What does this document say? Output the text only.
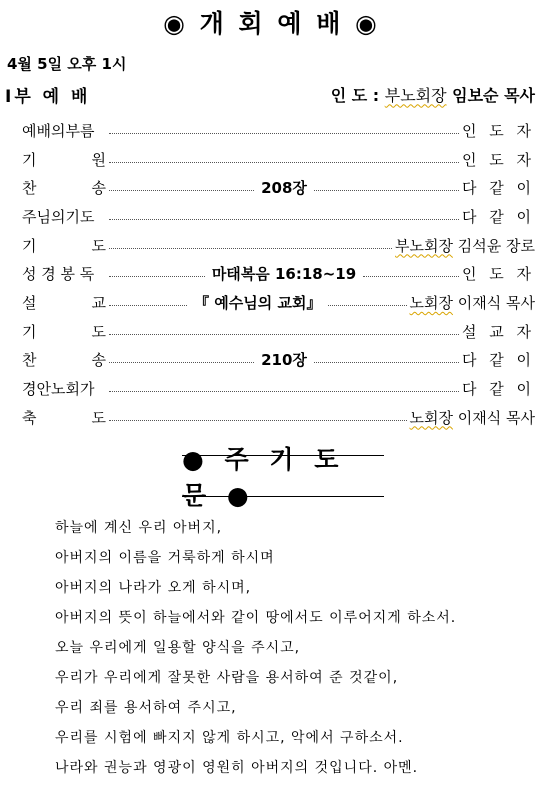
◉ 개 회 예 배 ◉
4월 5일 오후 1시
Ⅰ부 예 배	인 도 : 부노회장 임보순 목사
예배의부름	인 도 자
기	원	인 도 자
찬	송	208장	다 같 이
주님의기도	다 같 이
기	도	부노회장 김석윤 장로
성 경 봉 독	마태복음 16:18~19	인 도 자
설	교	『 예수님의 교회』	노회장 이재식 목사
기	도	설 교 자
찬	송	210장	다 같 이
경안노회가	다 같 이
축	도	노회장 이재식 목사
● 주 기 도 문 ●
하늘에 계신 우리 아버지,
아버지의 이름을 거룩하게 하시며
아버지의 나라가 오게 하시며,
아버지의 뜻이 하늘에서와 같이 땅에서도 이루어지게 하소서.
오늘 우리에게 일용할 양식을 주시고,
우리가 우리에게 잘못한 사람을 용서하여 준 것같이,
우리 죄를 용서하여 주시고,
우리를 시험에 빠지지 않게 하시고, 악에서 구하소서.
나라와 권능과 영광이 영원히 아버지의 것입니다. 아멘.
